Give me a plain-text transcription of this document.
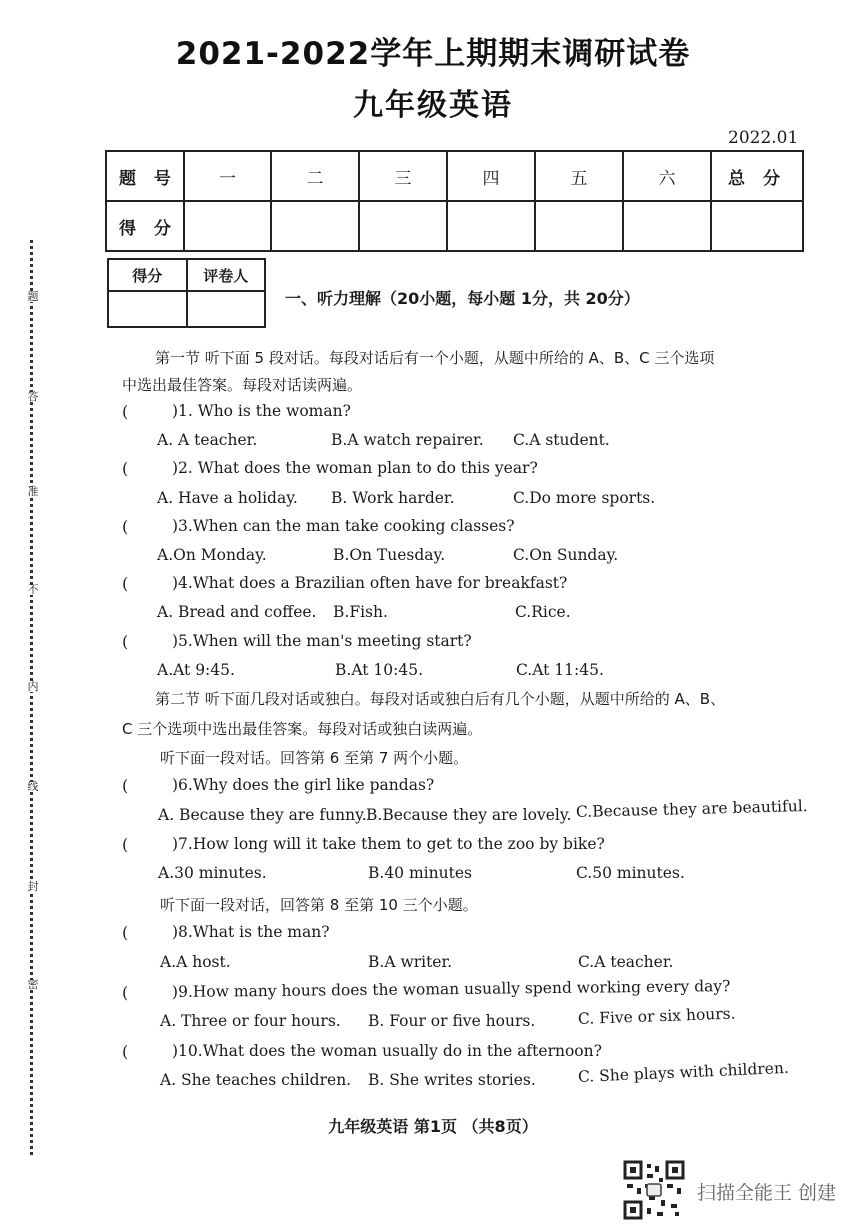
2021-2022学年上期期末调研试卷
九年级英语
2022.01
题 号	一	二	三	四	五	六	总 分
得 分							
得分	评卷人

一、听力理解（20小题，每小题 1分，共 20分）
第一节 听下面 5 段对话。每段对话后有一个小题，从题中所给的 A、B、C 三个选项
中选出最佳答案。每段对话读两遍。
(	)1. Who is the woman?
A. A teacher.	B.A watch repairer. C.A student.
(	)2. What does the woman plan to do this year?
A. Have a holiday. B. Work harder.	C.Do more sports.
(	)3.When can the man take cooking classes?
A.On Monday.	B.On Tuesday.	C.On Sunday.
(	)4.What does a Brazilian often have for breakfast?
A. Bread and coffee. B.Fish.	C.Rice.
(	)5.When will the man's meeting start?
A.At 9:45.	B.At 10:45.	C.At 11:45.
第二节 听下面几段对话或独白。每段对话或独白后有几个小题，从题中所给的 A、B、
C 三个选项中选出最佳答案。每段对话或独白读两遍。
听下面一段对话。回答第 6 至第 7 两个小题。
(	)6.Why does the girl like pandas?
A. Because they are funny. B.Because they are lovely. C.Because they are beautiful.
(	)7.How long will it take them to get to the zoo by bike?
A.30 minutes.	B.40 minutes	C.50 minutes.
听下面一段对话，回答第 8 至第 10 三个小题。
(	)8.What is the man?
A.A host.	B.A writer.	C.A teacher.
(	)9.How many hours does the woman usually spend working every day?
A. Three or four hours. B. Four or five hours.	C. Five or six hours.
(	)10.What does the woman usually do in the afternoon?
A. She teaches children. B. She writes stories.	C. She plays with children.
题
答
准
不
内
线
封
密
九年级英语 第1页 （共8页）
扫描全能王 创建
